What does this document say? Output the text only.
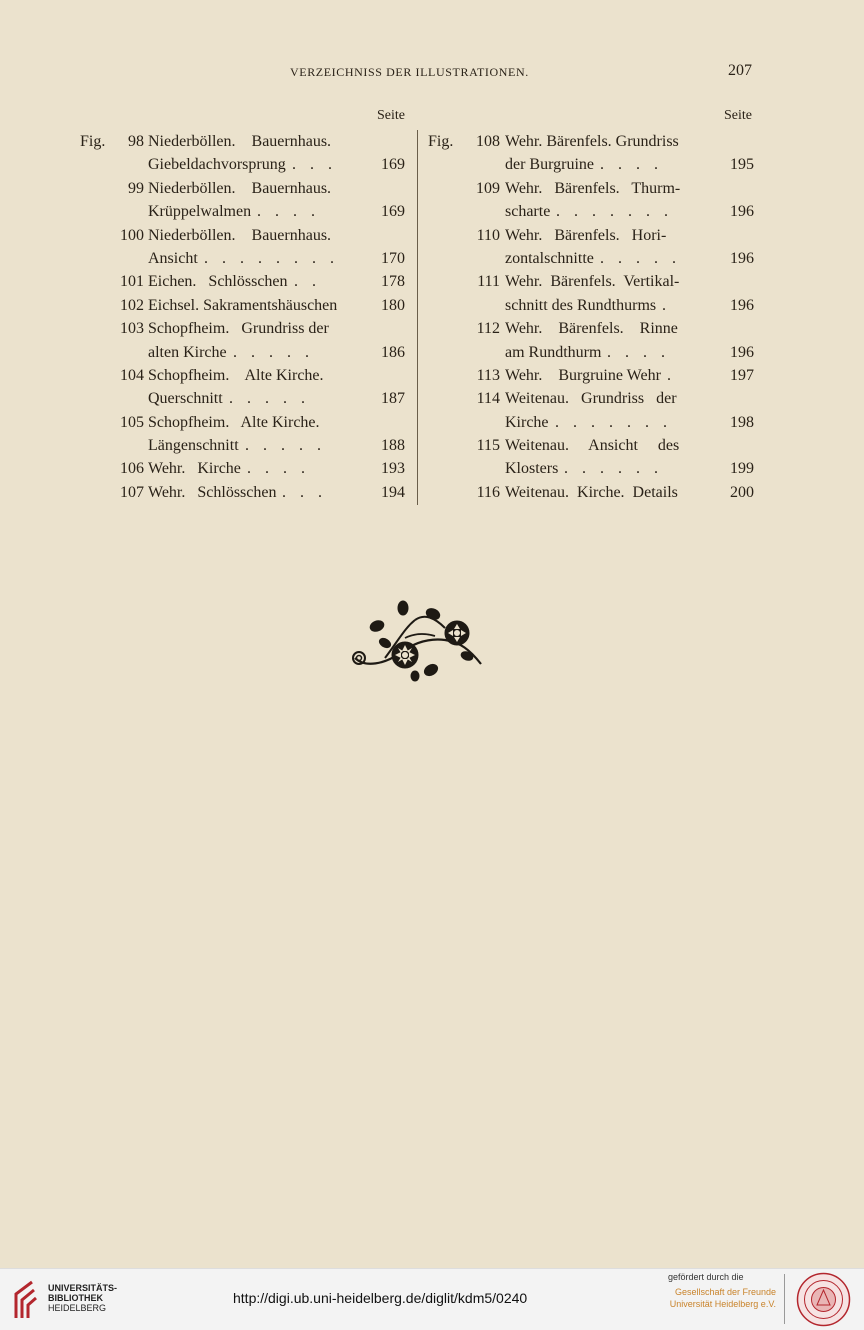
VERZEICHNISS DER ILLUSTRATIONEN.	207
Seite	Seite
Fig.	98 Niederböllen.    Bauernhaus.
Giebeldachvorsprung . . .	169
99 Niederböllen.    Bauernhaus.
Krüppelwalmen . . . .	169
100 Niederböllen.    Bauernhaus.
Ansicht . . . . . . . .	170
101 Eichen.   Schlösschen . .	178
102 Eichsel. Sakramentshäuschen	180
103 Schopfheim.   Grundriss der
alten Kirche . . . . .	186
104 Schopfheim.    Alte Kirche.
Querschnitt . . . . .	187
105 Schopfheim.   Alte Kirche.
Längenschnitt . . . . .	188
106 Wehr.   Kirche . . . .	193
107 Wehr.   Schlösschen . . .	194
Fig.	108 Wehr. Bärenfels. Grundriss
der Burgruine . . . .	195
109 Wehr.   Bärenfels.   Thurm-
scharte . . . . . . .	196
110 Wehr.   Bärenfels.   Hori-
zontalschnitte . . . . .	196
111 Wehr.  Bärenfels.  Vertikal-
schnitt des Rundthurms .	196
112 Wehr.    Bärenfels.    Rinne
am Rundthurm . . . .	196
113 Wehr.    Burgruine Wehr .	197
114 Weitenau.   Grundriss   der
Kirche . . . . . . .	198
115 Weitenau.     Ansicht     des
Klosters . . . . . .	199
116 Weitenau.  Kirche.  Details	200
UNIVERSITÄTS-
BIBLIOTHEK
HEIDELBERG
http://digi.ub.uni-heidelberg.de/diglit/kdm5/0240
gefördert durch die
Gesellschaft der Freunde
Universität Heidelberg e.V.
